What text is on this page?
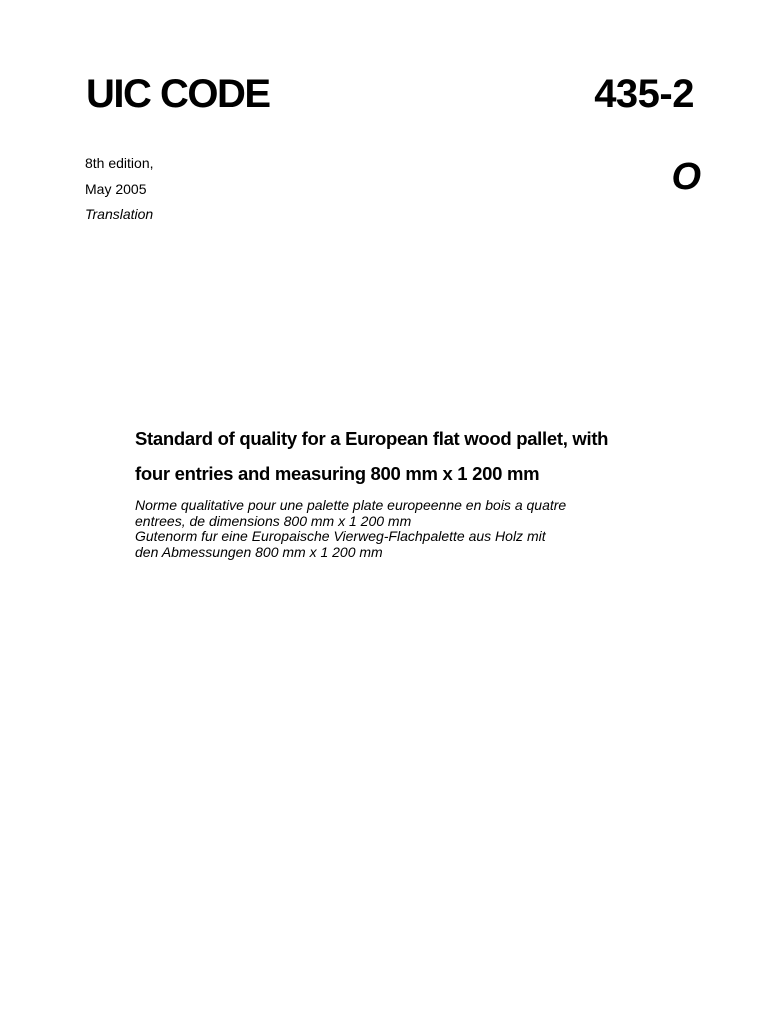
UIC CODE	435-2
O
8th edition,
May 2005
Translation
Standard of quality for a European flat wood pallet, with
four entries and measuring 800 mm x 1 200 mm
Norme qualitative pour une palette plate europeenne en bois a quatre
entrees, de dimensions 800 mm x 1 200 mm
Gutenorm fur eine Europaische Vierweg-Flachpalette aus Holz mit
den Abmessungen 800 mm x 1 200 mm
